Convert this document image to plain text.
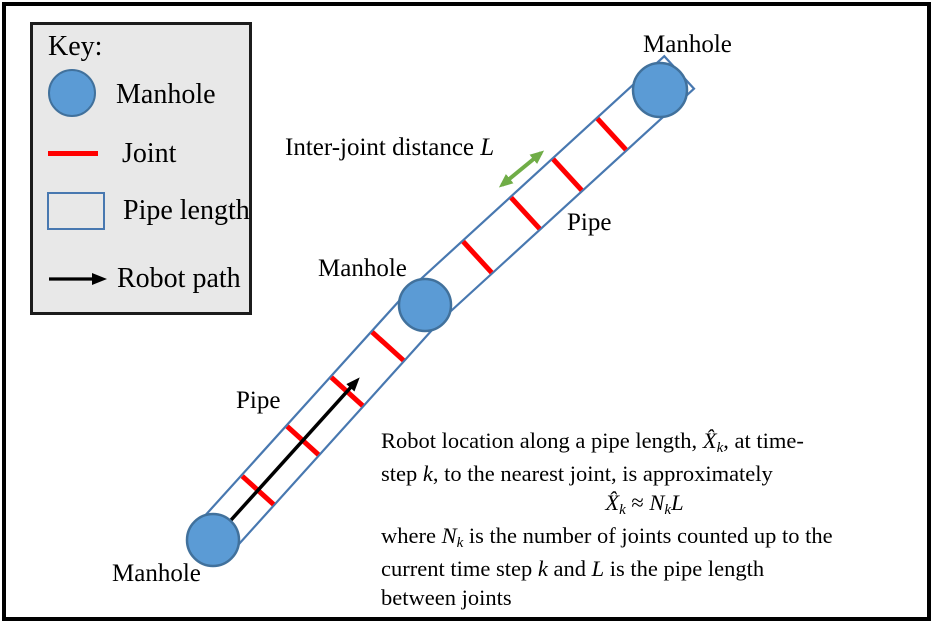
Key:
Manhole
Joint
Pipe length
Robot path
Manhole
Manhole
Manhole
Pipe
Pipe
Inter-joint distance L
Robot location along a pipe length, X̂k, at time-
step k, to the nearest joint, is approximately
X̂k ≈ NkL
where Nk is the number of joints counted up to the
current time step k and L is the pipe length
between joints
